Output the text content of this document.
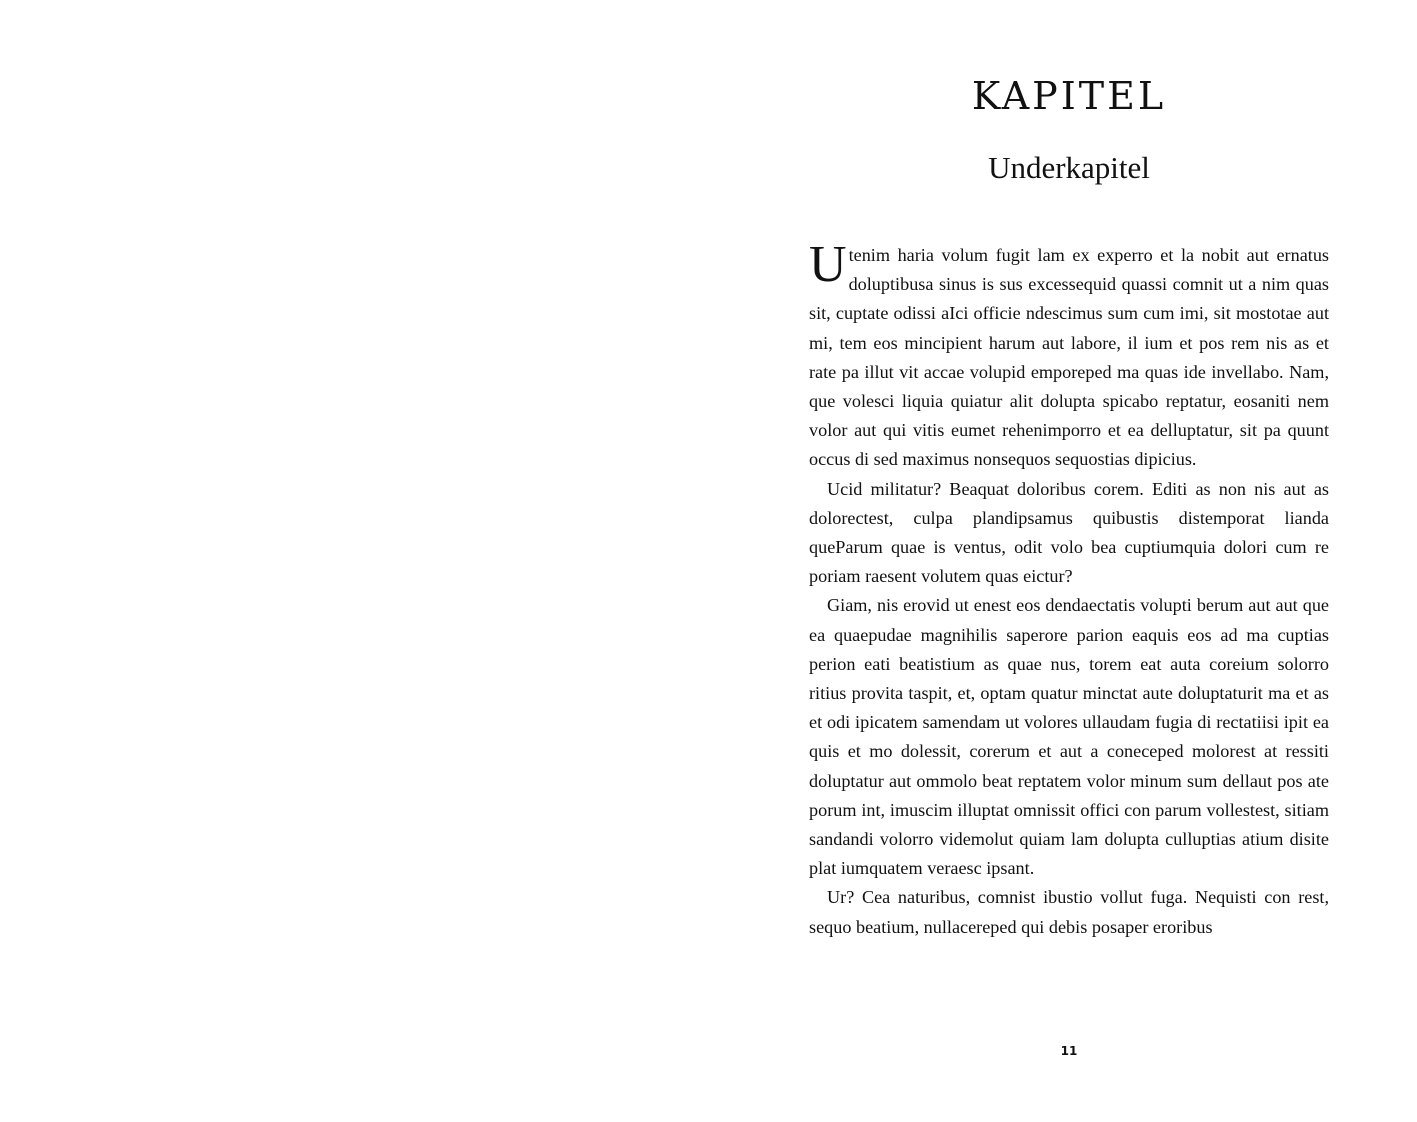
KAPITEL
Underkapitel

Utenim haria volum fugit lam ex experro et la nobit aut ernatus doluptibusa sinus is sus excessequid quassi comnit ut a nim quas sit, cuptate odissi aIci officie ndescimus sum cum imi, sit mostotae aut mi, tem eos mincipient harum aut labore, il ium et pos rem nis as et rate pa illut vit accae volupid emporeped ma quas ide invellabo. Nam, que volesci liquia quiatur alit dolupta spicabo reptatur, eosaniti nem volor aut qui vitis eumet rehenimporro et ea delluptatur, sit pa quunt occus di sed maximus nonsequos sequostias dipicius.

Ucid militatur? Beaquat doloribus corem. Editi as non nis aut as dolorectest, culpa plandipsamus quibustis distemporat lianda queParum quae is ventus, odit volo bea cuptiumquia dolori cum re poriam raesent volutem quas eictur?

Giam, nis erovid ut enest eos dendaectatis volupti berum aut aut que ea quaepudae magnihilis saperore parion eaquis eos ad ma cuptias perion eati beatistium as quae nus, torem eat auta coreium solorro ritius provita taspit, et, optam quatur minctat aute doluptaturit ma et as et odi ipicatem samendam ut volores ullaudam fugia di rectatiisi ipit ea quis et mo dolessit, corerum et aut a coneceped molorest at ressiti doluptatur aut ommolo beat reptatem volor minum sum dellaut pos ate porum int, imuscim illuptat omnissit offici con parum vollestest, sitiam sandandi volorro videmolut quiam lam dolupta culluptias atium disite plat iumquatem veraesc ipsant.

Ur? Cea naturibus, comnist ibustio vollut fuga. Nequisti con rest, sequo beatium, nullacereped qui debis posaper eroribus

11
